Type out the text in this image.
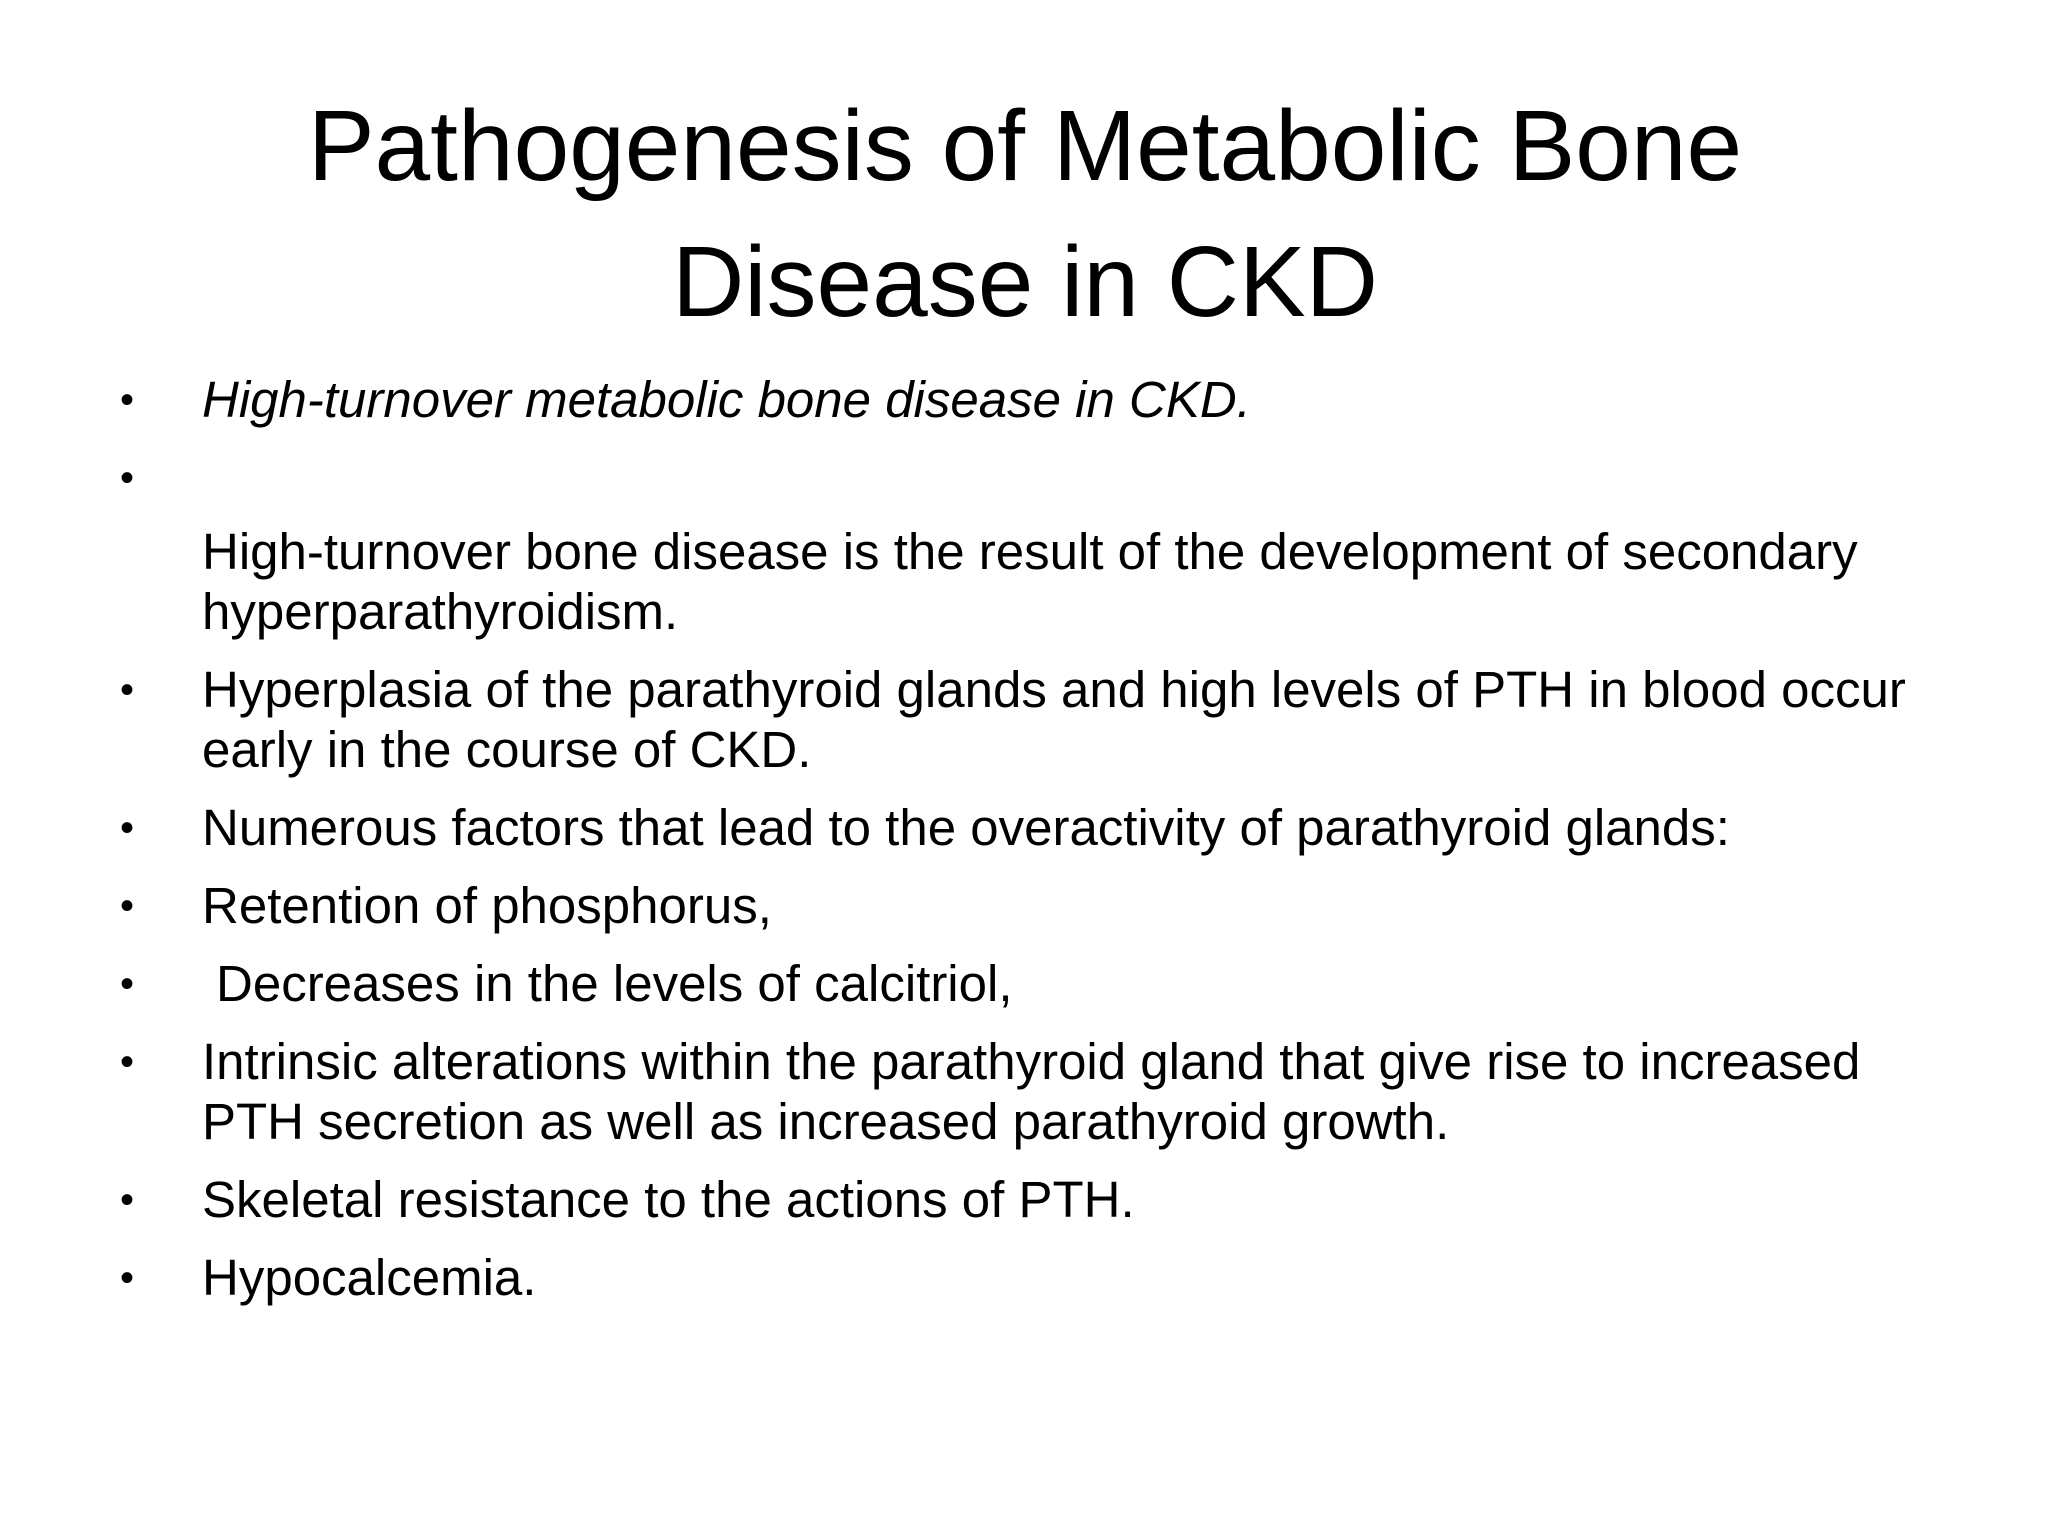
Pathogenesis of Metabolic Bone
Disease in CKD
• High-turnover metabolic bone disease in CKD.
•
High-turnover bone disease is the result of the development of secondary hyperparathyroidism.
• Hyperplasia of the parathyroid glands and high levels of PTH in blood occur early in the course of CKD.
• Numerous factors that lead to the overactivity of parathyroid glands:
• Retention of phosphorus,
• Decreases in the levels of calcitriol,
• Intrinsic alterations within the parathyroid gland that give rise to increased PTH secretion as well as increased parathyroid growth.
• Skeletal resistance to the actions of PTH.
• Hypocalcemia.
